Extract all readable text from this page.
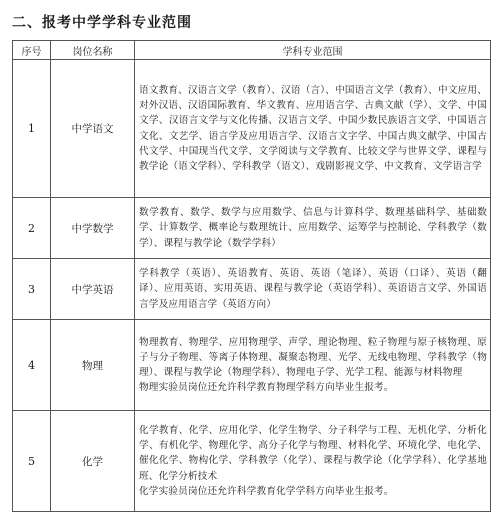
二、报考中学学科专业范围
序号	岗位名称	学科专业范围
1	中学语文	语文教育、汉语言文学（教育）、汉语（言）、中国语言文学（教育）、中文应用、对外汉语、汉语国际教育、华文教育、应用语言学、古典文献（学）、文学、中国文学、汉语言文学与文化传播、汉语言文学、中国少数民族语言文学、中国语言文化、文艺学、语言学及应用语言学、汉语言文字学、中国古典文献学、中国古代文学、中国现当代文学、文学阅读与文学教育、比较文学与世界文学、课程与教学论（语文学科）、学科教学（语文）、戏剧影视文学、中文教育、文学语言学
2	中学数学	数学教育、数学、数学与应用数学、信息与计算科学、数理基础科学、基础数学、计算数学、概率论与数理统计、应用数学、运筹学与控制论、学科教学（数学）、课程与教学论（数学学科）
3	中学英语	学科教学（英语）、英语教育、英语、英语（笔译）、英语（口译）、英语（翻译）、应用英语、实用英语、课程与教学论（英语学科）、英语语言文学、外国语言学及应用语言学（英语方向）
4	物理	物理教育、物理学、应用物理学、声学、理论物理、粒子物理与原子核物理、原子与分子物理、等离子体物理、凝聚态物理、光学、无线电物理、学科教学（物理）、课程与教学论（物理学科）、物理电子学、光学工程、能源与材料物理
物理实验员岗位还允许科学教育物理学科方向毕业生报考。

5	化学	化学教育、化学、应用化学、化学生物学、分子科学与工程、无机化学、分析化学、有机化学、物理化学、高分子化学与物理、材料化学、环境化学、电化学、催化化学、物构化学、学科教学（化学）、课程与教学论（化学学科）、化学基地班、化学分析技术
化学实验员岗位还允许科学教育化学学科方向毕业生报考。
